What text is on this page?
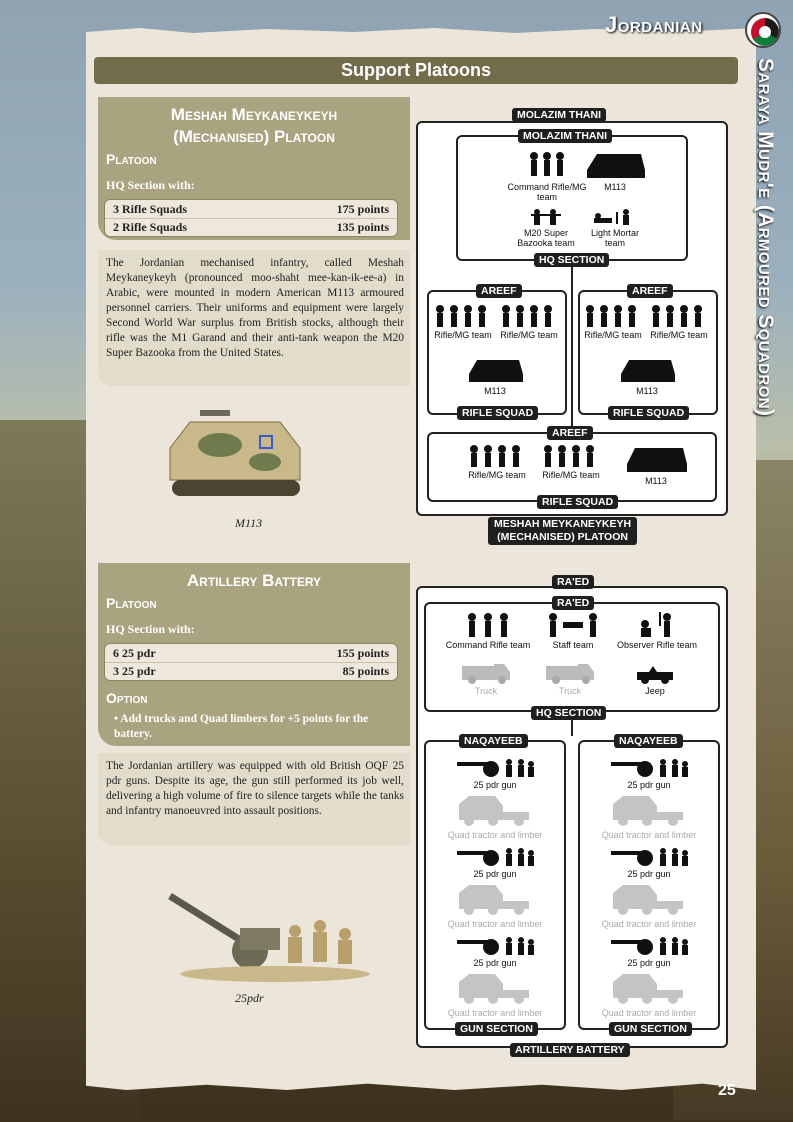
Jordanian
Saraya Mudr'e (Armoured Squadron)
Support Platoons
Meshah Meykaneykeyh
(Mechanised) Platoon
Platoon
HQ Section with:
3 Rifle Squads	175 points
2 Rifle Squads	135 points
The Jordanian mechanised infantry, called Meshah Meykaneykeyh (pronounced moo-shaht mee-kan-ik-ee-a) in Arabic, were mounted in modern American M113 armoured personnel carriers. Their uniforms and equipment were largely Second World War surplus from British stocks, although their rifle was the M1 Garand and their anti-tank weapon the M20 Super Bazooka from the United States.
M113
MOLAZIM THANI
MOLAZIM THANI
Command Rifle/MG team
M113
M20 Super Bazooka team
Light Mortar team
HQ SECTION
AREEF
Rifle/MG team Rifle/MG team
M113
RIFLE SQUAD
AREEF
Rifle/MG team Rifle/MG team
M113
RIFLE SQUAD
AREEF
Rifle/MG team Rifle/MG team
M113
RIFLE SQUAD
MESHAH MEYKANEYKEYH
(MECHANISED) PLATOON
Artillery Battery
Platoon
HQ Section with:
6 25 pdr	155 points
3 25 pdr	85 points
Option
• Add trucks and Quad limbers for +5 points for the battery.
The Jordanian artillery was equipped with old British OQF 25 pdr guns. Despite its age, the gun still performed its job well, delivering a high volume of fire to silence targets while the tanks and infantry manoeuvred into assault positions.
25pdr
RA'ED
RA'ED
Command Rifle team	Staff team	Observer Rifle team
Truck	Truck	Jeep
HQ SECTION
NAQAYEEB
25 pdr gun
Quad tractor and limber
25 pdr gun
Quad tractor and limber
25 pdr gun
Quad tractor and limber
GUN SECTION
NAQAYEEB
25 pdr gun
Quad tractor and limber
25 pdr gun
Quad tractor and limber
25 pdr gun
Quad tractor and limber
GUN SECTION
ARTILLERY BATTERY
25
